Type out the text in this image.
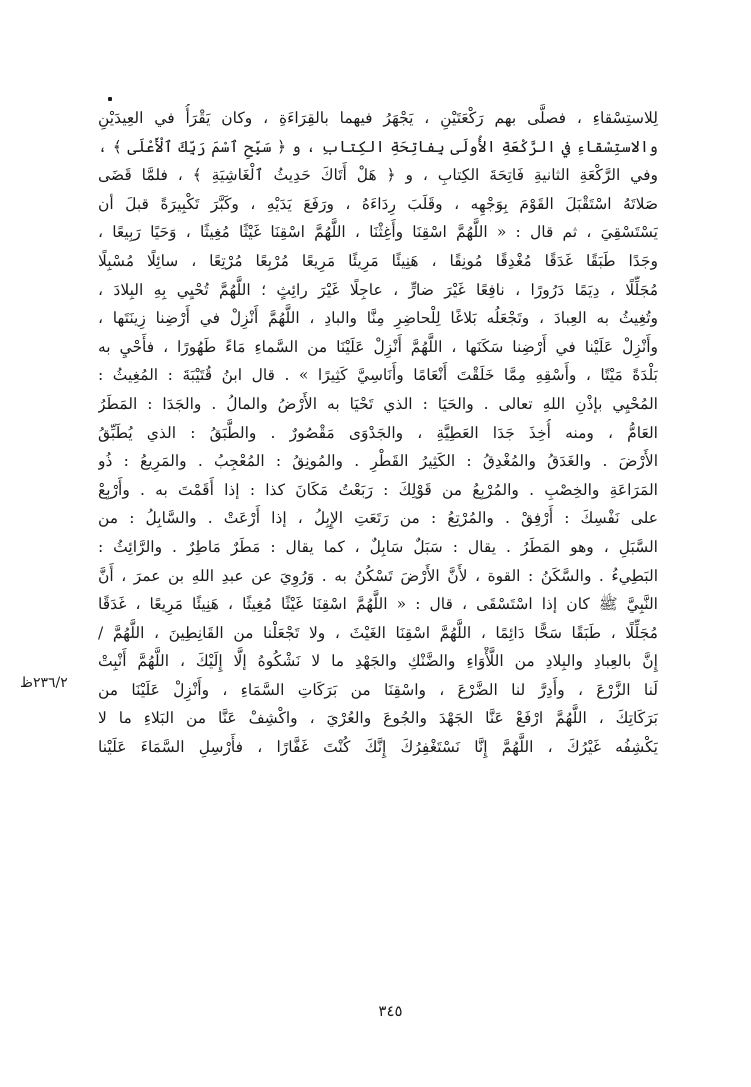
لِلاستِسْقاءِ ، فصلَّى بهم رَكْعَتَيْنِ ، يَجْهَرُ فيهما بالقِرَاءَةِ ، وكان يَقْرَأُ في العِيدَيْنِ
والاستِسْقاءِ في الرَّكْعَةِ الأُولَى بِفاتِحَةِ الكِتابِ ، و ﴿ سَبِّحِ ٱسْمَ رَبِّكَ ٱلْأَعْلَى ﴾ ،
وفي الرَّكْعَةِ الثانيةِ فَاتِحَةَ الكِتابِ ، و ﴿ هَلْ أَتَاكَ حَدِيثُ ٱلْغَاشِيَةِ ﴾ ، فلمَّا قَضَى
صَلاتَهُ اسْتَقْبَلَ القَوْمَ بِوَجْهِه ، وقَلَبَ رِدَاءَهُ ، ورَفَعَ يَدَيْهِ ، وكَبَّرَ تَكْبِيرَةً قبلَ أن
يَسْتَسْقِيَ ، ثم قال : « اللَّهُمَّ اسْقِنَا وأَغِثْنَا ، اللَّهُمَّ اسْقِنَا غَيْثًا مُغِيثًا ، وَحَيًا رَبِيعًا ،
وجَدًا طَبَقًا غَدَقًا مُغْدِقًا مُونِقًا ، هَنِيئًا مَرِيئًا مَرِيعًا مُرْبِعًا مُرْتِعًا ، سائِلًا مُسْبِلًا
مُجَلِّلًا ، دِيَمًا دَرُورًا ، نافِعًا غَيْرَ ضارٍّ ، عاجِلًا غَيْرَ رائِثٍ ؛ اللَّهُمَّ تُحْيِي بِهِ البِلادَ ،
وتُغِيثُ به العِبادَ ، وتَجْعَلُه بَلاغًا لِلْحاضِرِ مِنَّا والبادِ ، اللَّهُمَّ أَنْزِلْ في أَرْضِنا زِينَتَها ،
وأَنْزِلْ عَلَيْنا في أَرْضِنا سَكَنَها ، اللَّهُمَّ أَنْزِلْ عَلَيْنَا من السَّماءِ مَاءً طَهُورًا ، فأَحْيِ به
بَلْدَةً مَيْتًا ، وأَسْقِهِ مِمَّا خَلَقْتَ أَنْعَامًا وأَنَاسِيَّ كَثِيرًا » . قال ابنُ قُتَيْبَةَ : المُغِيثُ :
المُحْيِي بإذْنِ اللهِ تعالى . والحَيَا : الذي تَحْيَا به الأَرْضُ والمالُ . والجَدَا : المَطَرُ
العَامُّ ، ومنه أُخِذَ جَدَا العَطِيَّةِ ، والجَدْوَى مَقْصُورٌ . والطَّبَقُ : الذي يُطَبِّقُ
الأَرْضَ . والغَدَقُ والمُغْدِقُ : الكَثِيرُ القَطْرِ . والمُونِقُ : المُعْجِبُ . والمَرِيعُ : ذُو
المَرَاعَةِ والخِصْبِ . والمُرْبِعُ من قَوْلِكَ : رَبَعْتُ مَكَانَ كذا : إذا أَقَمْتَ به . وأَرْبِعْ
على نَفْسِكَ : أَرْفِقْ . والمُرْتِعُ : من رَتَعَتِ الإِبِلُ ، إذا أَرْعَتْ . والسَّابِلُ : من
السَّبَلِ ، وهو المَطَرُ . يقال : سَبَلٌ سَابِلٌ ، كما يقال : مَطَرٌ مَاطِرٌ . والرَّائِثُ :
البَطِيءُ . والسَّكَنُ : القوة ، لأَنَّ الأَرْضَ تَسْكُنُ به . وَرُوِيَ عن عبدِ اللهِ بن عمرَ ، أَنَّ
النَّبِيَّ ﷺ كان إذا اسْتَسْقَى ، قال : « اللَّهُمَّ اسْقِنَا غَيْثًا مُغِيثًا ، هَنِيئًا مَرِيعًا ، غَدَقًا
مُجَلِّلًا ، طَبَقًا سَحًّا دَائِمًا ، اللَّهُمَّ اسْقِنَا الغَيْثَ ، ولا تَجْعَلْنا من القَانِطِينَ ، اللَّهُمَّ /
إِنَّ بالعِبادِ والبِلادِ من اللَّأْوَاءِ والضَّنْكِ والجَهْدِ ما لا نَشْكُوهُ إلَّا إِلَيْكَ ، اللَّهُمَّ أَنْبِتْ
لَنا الزَّرْعَ ، وأَدِرَّ لنا الضَّرْعَ ، واسْقِنَا من بَرَكَاتِ السَّمَاءِ ، وأَنْزِلْ عَلَيْنَا من
بَرَكَاتِكَ ، اللَّهُمَّ ارْفَعْ عَنَّا الجَهْدَ والجُوعَ والعُرْيَ ، واكْشِفْ عَنَّا من البَلاءِ ما لا
يَكْشِفُه غَيْرُكَ ، اللَّهُمَّ إِنَّا نَسْتَغْفِرُكَ إِنَّكَ كُنْتَ غَفَّارًا ، فأَرْسِلِ السَّمَاءَ عَلَيْنا
٢٣٦/٢ظ
٣٤٥
